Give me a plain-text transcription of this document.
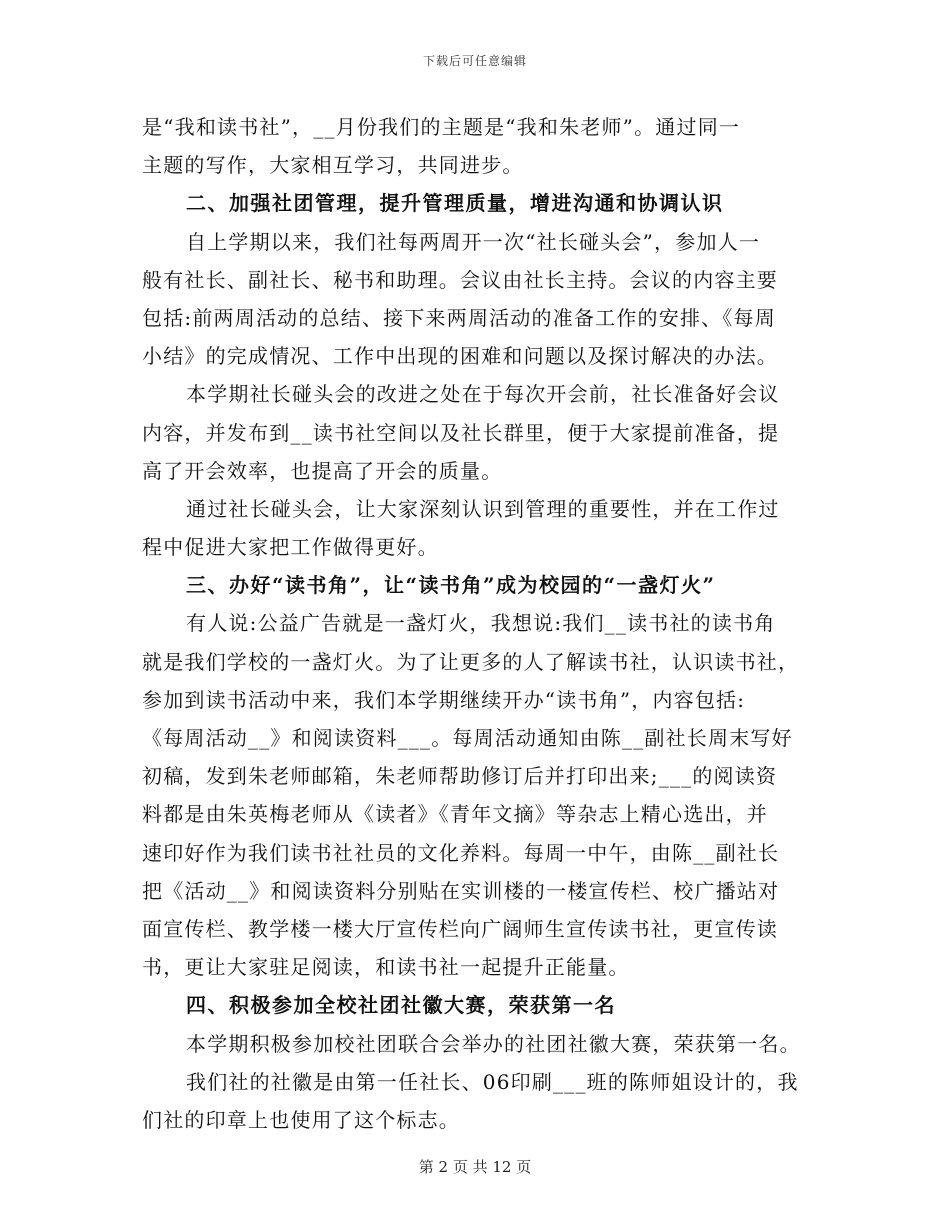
下载后可任意编辑
是“我和读书社”，__月份我们的主题是“我和朱老师”。通过同一
主题的写作，大家相互学习，共同进步。
二、加强社团管理，提升管理质量，增进沟通和协调认识
自上学期以来，我们社每两周开一次“社长碰头会”，参加人一
般有社长、副社长、秘书和助理。会议由社长主持。会议的内容主要
包括:前两周活动的总结、接下来两周活动的准备工作的安排、《每周
小结》的完成情况、工作中出现的困难和问题以及探讨解决的办法。
本学期社长碰头会的改进之处在于每次开会前，社长准备好会议
内容，并发布到__读书社空间以及社长群里，便于大家提前准备，提
高了开会效率，也提高了开会的质量。
通过社长碰头会，让大家深刻认识到管理的重要性，并在工作过
程中促进大家把工作做得更好。
三、办好“读书角”，让“读书角”成为校园的“一盏灯火”
有人说:公益广告就是一盏灯火，我想说:我们__读书社的读书角
就是我们学校的一盏灯火。为了让更多的人了解读书社，认识读书社，
参加到读书活动中来，我们本学期继续开办“读书角”，内容包括:
《每周活动__》和阅读资料___。每周活动通知由陈__副社长周末写好
初稿，发到朱老师邮箱，朱老师帮助修订后并打印出来;___的阅读资
料都是由朱英梅老师从《读者》《青年文摘》等杂志上精心选出，并
速印好作为我们读书社社员的文化养料。每周一中午，由陈__副社长
把《活动__》和阅读资料分别贴在实训楼的一楼宣传栏、校广播站对
面宣传栏、教学楼一楼大厅宣传栏向广阔师生宣传读书社，更宣传读
书，更让大家驻足阅读，和读书社一起提升正能量。
四、积极参加全校社团社徽大赛，荣获第一名
本学期积极参加校社团联合会举办的社团社徽大赛，荣获第一名。
我们社的社徽是由第一任社长、06印刷___班的陈师姐设计的，我
们社的印章上也使用了这个标志。
第 2 页 共 12 页
